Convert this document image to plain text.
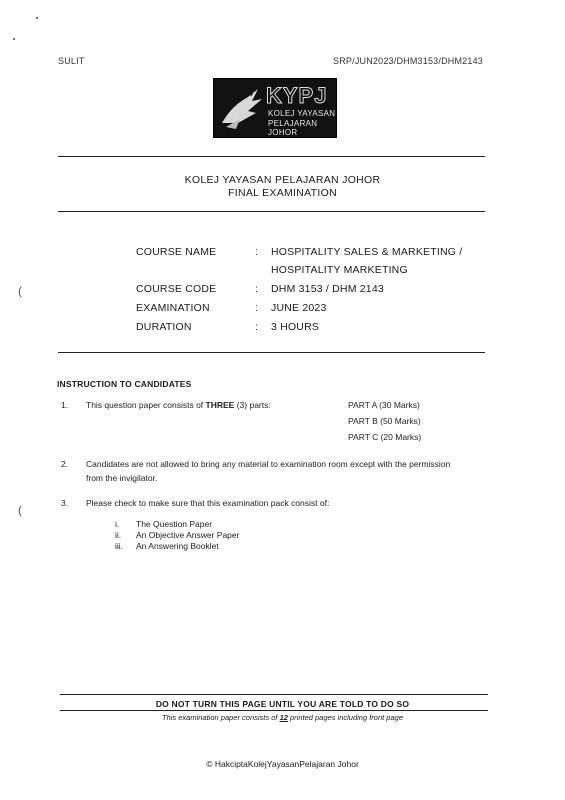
SULIT	SRP/JUN2023/DHM3153/DHM2143
(
(
KYPJ
KOLEJ YAYASAN
PELAJARAN JOHOR
KOLEJ YAYASAN PELAJARAN JOHOR
FINAL EXAMINATION
COURSE NAME	: HOSPITALITY SALES & MARKETING /
HOSPITALITY MARKETING
COURSE CODE	: DHM 3153 / DHM 2143
EXAMINATION	: JUNE 2023
DURATION	: 3 HOURS
INSTRUCTION TO CANDIDATES
1. This question paper consists of THREE (3) parts:	PART A (30 Marks)
PART B (50 Marks)
PART C (20 Marks)
2. Candidates are not allowed to bring any material to examination room except with the permission
from the invigilator.
3. Please check to make sure that this examination pack consist of:
i. The Question Paper
ii. An Objective Answer Paper
iii. An Answering Booklet
DO NOT TURN THIS PAGE UNTIL YOU ARE TOLD TO DO SO
This examination paper consists of 12 printed pages including front page
© HakciptaKolejYayasanPelajaran Johor
